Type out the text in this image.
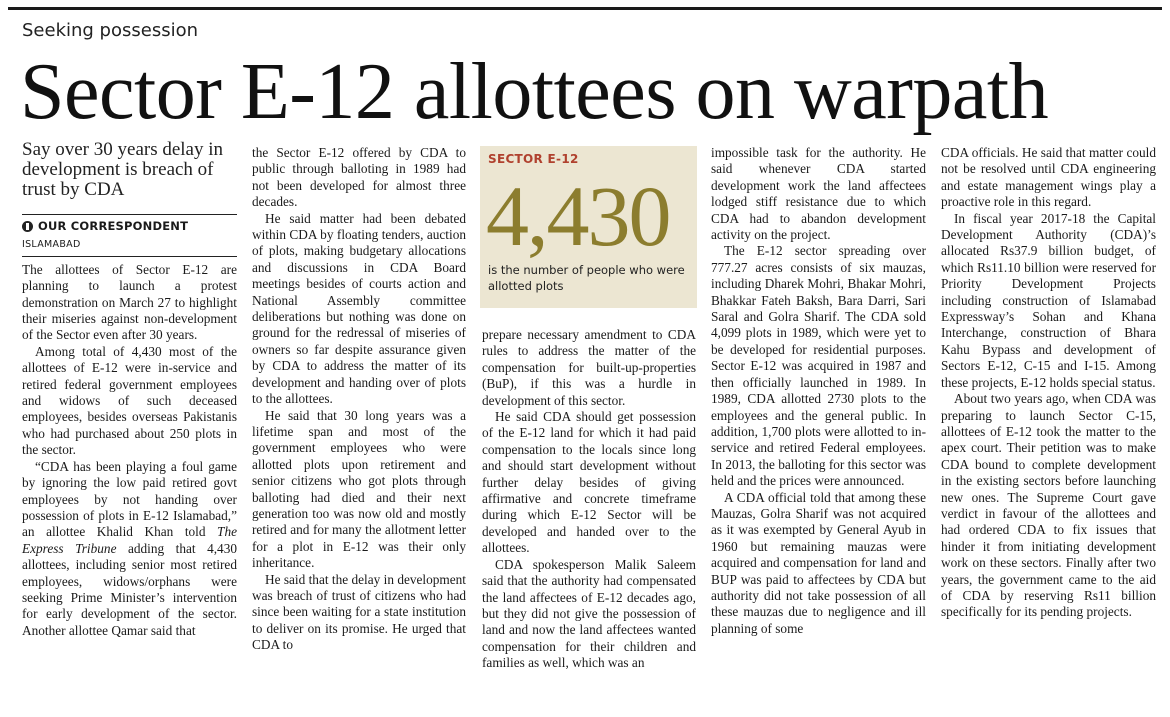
Seeking possession
Sector E-12 allottees on warpath
Say over 30 years delay in development is breach of trust by CDA
OUR CORRESPONDENT
ISLAMABAD

The allottees of Sector E-12 are planning to launch a protest demonstration on March 27 to highlight their miseries against non-development of the Sector even after 30 years.

Among total of 4,430 most of the allottees of E-12 were in-service and retired federal government employees and widows of such deceased employees, besides overseas Pakistanis who had purchased about 250 plots in the sector.

“CDA has been playing a foul game by ignoring the low paid retired govt employees by not handing over possession of plots in E-12 Islamabad,” an allottee Khalid Khan told The Express Tribune adding that 4,430 allottees, including senior most retired employees, widows/orphans were seeking Prime Minister’s intervention for early development of the sector. Another allottee Qamar said that

the Sector E-12 offered by CDA to public through balloting in 1989 had not been developed for almost three decades.

He said matter had been debated within CDA by floating tenders, auction of plots, making budgetary allocations and discussions in CDA Board meetings besides of courts action and National Assembly committee deliberations but nothing was done on ground for the redressal of miseries of owners so far despite assurance given by CDA to address the matter of its development and handing over of plots to the allottees.

He said that 30 long years was a lifetime span and most of the government employees who were allotted plots upon retirement and senior citizens who got plots through balloting had died and their next generation too was now old and mostly retired and for many the allotment letter for a plot in E-12 was their only inheritance.

He said that the delay in development was breach of trust of citizens who had since been waiting for a state institution to deliver on its promise. He urged that CDA to

SECTOR E-12
4,430
is the number of people who were allotted plots

prepare necessary amendment to CDA rules to address the matter of the compensation for built-up-properties (BuP), if this was a hurdle in development of this sector.

He said CDA should get possession of the E-12 land for which it had paid compensation to the locals since long and should start development without further delay besides of giving affirmative and concrete timeframe during which E-12 Sector will be developed and handed over to the allottees.

CDA spokesperson Malik Saleem said that the authority had compensated the land affectees of E-12 decades ago, but they did not give the possession of land and now the land affectees wanted compensation for their children and families as well, which was an

impossible task for the authority. He said whenever CDA started development work the land affectees lodged stiff resistance due to which CDA had to abandon development activity on the project.

The E-12 sector spreading over 777.27 acres consists of six mauzas, including Dharek Mohri, Bhakar Mohri, Bhakkar Fateh Baksh, Bara Darri, Sari Saral and Golra Sharif. The CDA sold 4,099 plots in 1989, which were yet to be developed for residential purposes. Sector E-12 was acquired in 1987 and then officially launched in 1989. In 1989, CDA allotted 2730 plots to the employees and the general public. In addition, 1,700 plots were allotted to in-service and retired Federal employees. In 2013, the balloting for this sector was held and the prices were announced.

A CDA official told that among these Mauzas, Golra Sharif was not acquired as it was exempted by General Ayub in 1960 but remaining mauzas were acquired and compensation for land and BUP was paid to affectees by CDA but authority did not take possession of all these mauzas due to negligence and ill planning of some

CDA officials. He said that matter could not be resolved until CDA engineering and estate management wings play a proactive role in this regard.

In fiscal year 2017-18 the Capital Development Authority (CDA)’s allocated Rs37.9 billion budget, of which Rs11.10 billion were reserved for Priority Development Projects including construction of Islamabad Expressway’s Sohan and Khana Interchange, construction of Bhara Kahu Bypass and development of Sectors E-12, C-15 and I-15. Among these projects, E-12 holds special status.

About two years ago, when CDA was preparing to launch Sector C-15, allottees of E-12 took the matter to the apex court. Their petition was to make CDA bound to complete development in the existing sectors before launching new ones. The Supreme Court gave verdict in favour of the allottees and had ordered CDA to fix issues that hinder it from initiating development work on these sectors. Finally after two years, the government came to the aid of CDA by reserving Rs11 billion specifically for its pending projects.
